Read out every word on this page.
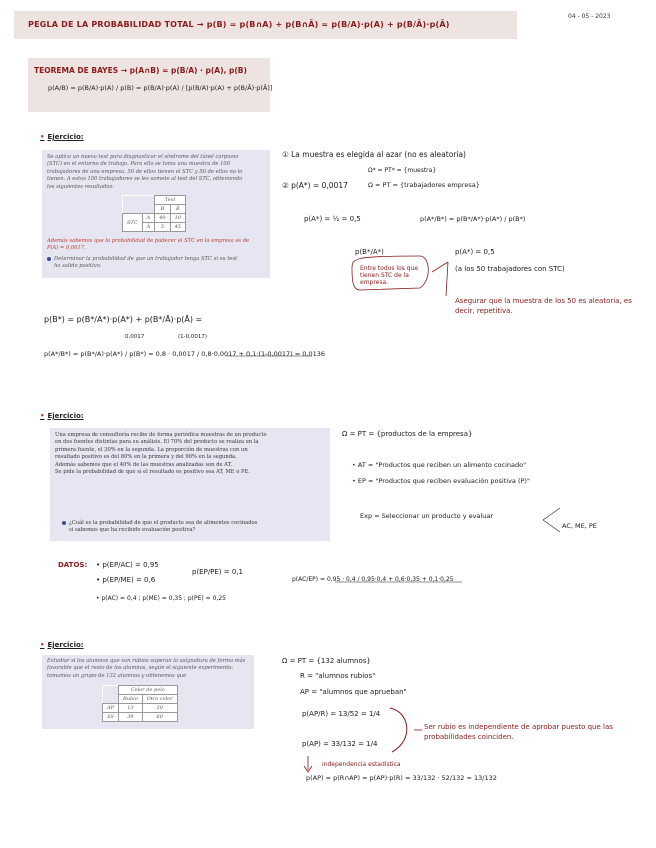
PEGLA DE LA PROBABILIDAD TOTAL → p(B) = p(B∩A) + p(B∩Ā) = p(B/A)·p(A) + p(B/Ā)·p(Ā)
04 - 05 - 2023
TEOREMA DE BAYES → p(A∩B) = p(B/A) · p(A), p(B)
p(A/B) = p(B/A)·p(A) / p(B) = p(B/A)·p(A) / [p(B/A)·p(A) + p(B/Ā)·p(Ā)]
• Ejercicio:
Se aplica un nuevo test para diagnosticar el síndrome del túnel carpiano
(STC) en el entorno de trabajo. Para ello se toma una muestra de 100
trabajadores de una empresa, 50 de ellos tienen el STC y 50 de ellos no lo
tienen. A estos 100 trabajadores se les somete al test del STC, obteniendo
los siguientes resultados:
		Test	
		B	B̄
STC	A	40	10
	Ā	5	45
Además sabemos que la probabilidad de padecer el STC en la empresa es de
P(A) = 0,0017.
Determinar la probabilidad de que un trabajador tenga STC si su test
ha salido positivo.
① La muestra es elegida al azar (no es aleatoria)
Ω* = PT* = {muestra}
② p(A*) = 0,0017	Ω = PT = {trabajadores empresa}
p(A*) = ½ = 0,5	p(A*/B*) = p(B*/A*)·p(A*) / p(B*)
p(B*/A*)	p(A*) = 0,5
(a los 50 trabajadores con STC)
Entre todos los que tienen STC de la empresa.
Asegurar que la muestra de los 50 es aleatoria, es decir, repetitiva.
p(B*) = p(B*/A*)·p(A*) + p(B*/Ā)·p(Ā) =
0,0017	(1-0,0017)
p(A*/B*) = p(B*/A)·p(A*) / p(B*) = 0,8 · 0,0017 / 0,8·0,0017 + 0,1·(1-0,0017) = 0,0136
• Ejercicio:
Una empresa de consultoría recibe de forma periódica muestras de un producto
en dos fuentes distintas para su análisis. El 70% del producto se realiza en la
primera fuente, el 30% en la segunda. La proporción de muestras con un
resultado positivo es del 80% en la primera y del 90% en la segunda.
Además sabemos que el 40% de las muestras analizadas son de AT.
Se pide la probabilidad de que si el resultado es positivo sea AT, ME o PE.
¿Cuál es la probabilidad de que el producto sea de alimentos cocinados
si sabemos que ha recibido evaluación positiva?
Ω = PT = {productos de la empresa}
• AT = "Productos que reciben un alimento cocinado"
• EP = "Productos que reciben evaluación positiva (P)"
Exp = Seleccionar un producto y evaluar
AC, ME, PE
DATOS: • p(EP/AC) = 0,95
• p(EP/ME) = 0,6
p(EP/PE) = 0,1
• p(AC) = 0,4 ; p(ME) = 0,35 ; p(PE) = 0,25
p(AC/EP) = 0,95 · 0,4 / 0,95·0,4 + 0,6·0,35 + 0,1·0,25
• Ejercicio:
Estudiar si los alumnos que son rubios superan la asignatura de forma más
favorable que el resto de los alumnos, según el siguiente experimento:
tomamos un grupo de 132 alumnos y obtenemos que
	Color de pelo	
	Rubio	Otro color
AP	13	20
SS	39	60
Ω = PT = {132 alumnos}
R = "alumnos rubios"
AP = "alumnos que aprueban"
p(AP/R) = 13/52 = 1/4
p(AP) = 33/132 = 1/4
Ser rubio es independiente de aprobar puesto que las probabilidades coinciden.
independencia estadística
p(AP) = p(R∩AP) = p(AP)·p(R) = 33/132 · 52/132 = 13/132
